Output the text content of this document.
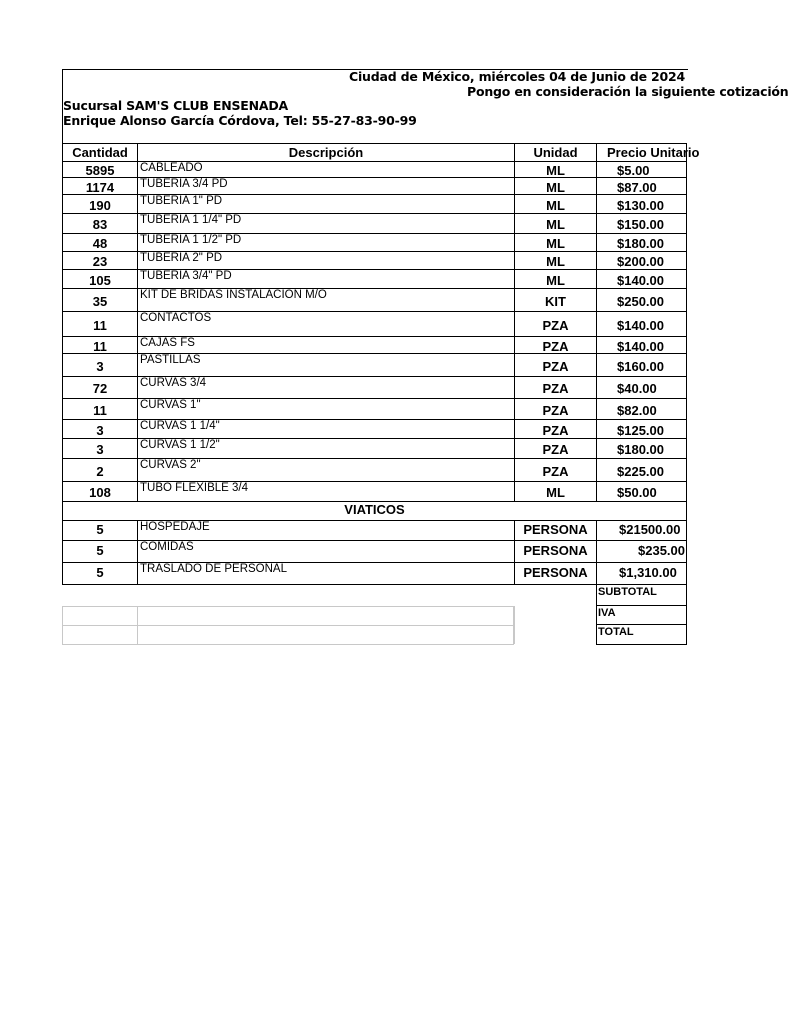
Ciudad de México, miércoles 04 de Junio de 2024
Pongo en consideración la siguiente cotización
Sucursal SAM'S CLUB ENSENADA
Enrique Alonso García Córdova, Tel: 55-27-83-90-99
Cantidad	Descripción	Unidad	Precio Unitario
5895	CABLEADO	ML	$5.00
1174	TUBERIA 3/4 PD	ML	$87.00
190	TUBERIA 1" PD	ML	$130.00
83	TUBERIA 1 1/4" PD	ML	$150.00
48	TUBERIA 1 1/2" PD	ML	$180.00
23	TUBERIA 2" PD	ML	$200.00
105	TUBERIA 3/4" PD	ML	$140.00
35	KIT DE BRIDAS INSTALACION M/O	KIT	$250.00
11	CONTACTOS	PZA	$140.00
11	CAJAS FS	PZA	$140.00
3	PASTILLAS	PZA	$160.00
72	CURVAS 3/4	PZA	$40.00
11	CURVAS 1"	PZA	$82.00
3	CURVAS 1 1/4"	PZA	$125.00
3	CURVAS 1 1/2"	PZA	$180.00
2	CURVAS 2"	PZA	$225.00
108	TUBO FLEXIBLE 3/4	ML	$50.00
VIATICOS
5	HOSPEDAJE	PERSONA	$21500.00
5	COMIDAS	PERSONA	$235.00
5	TRASLADO DE PERSONAL	PERSONA	$1,310.00
SUBTOTAL
IVA
TOTAL
